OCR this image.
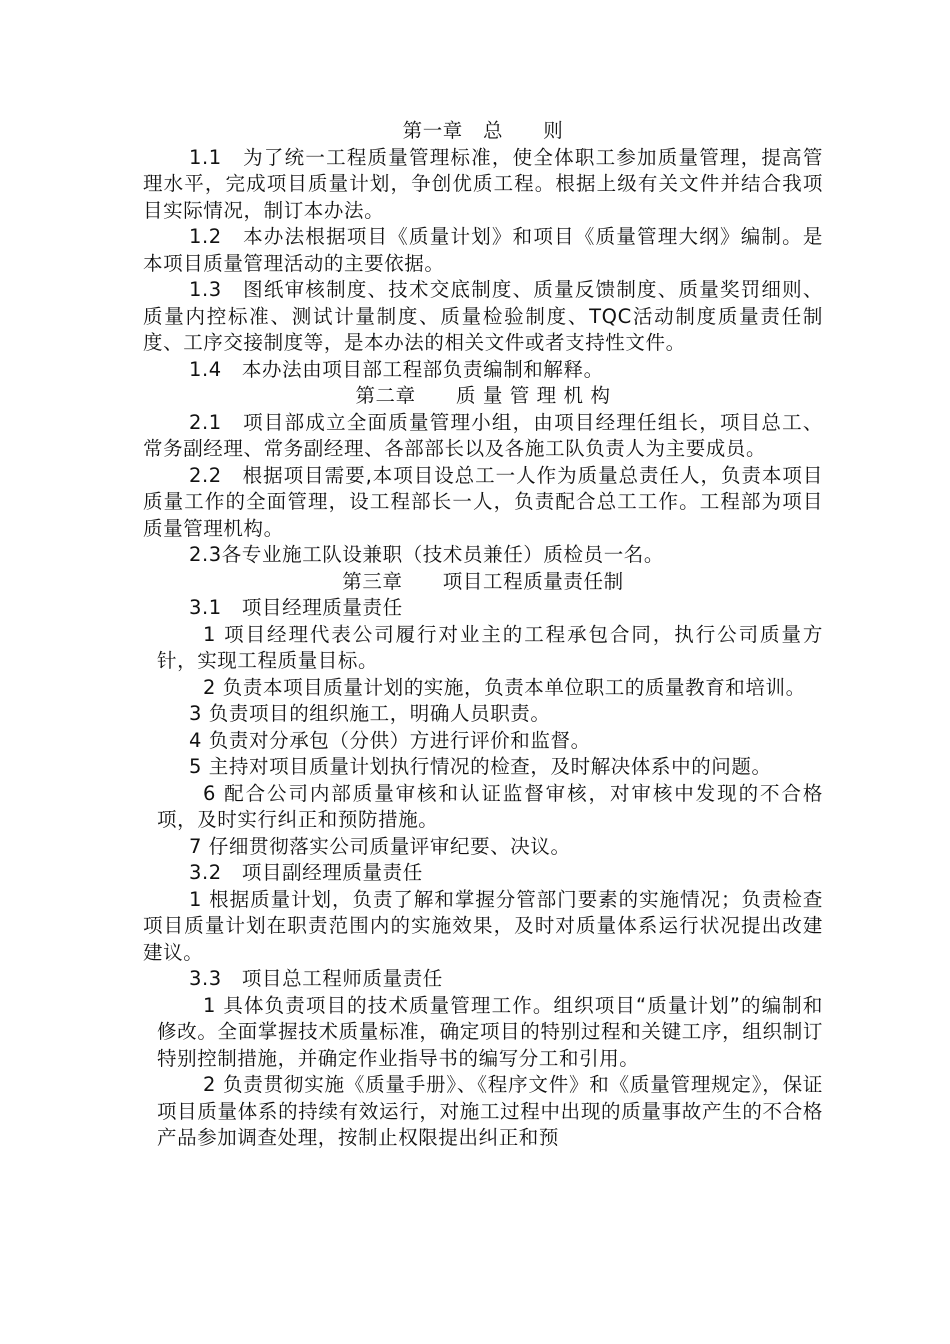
第一章　总　　则

1.1　为了统一工程质量管理标准，使全体职工参加质量管理，提高管理水平，完成项目质量计划，争创优质工程。根据上级有关文件并结合我项目实际情况，制订本办法。

1.2　本办法根据项目《质量计划》和项目《质量管理大纲》编制。是本项目质量管理活动的主要依据。

1.3　图纸审核制度、技术交底制度、质量反馈制度、质量奖罚细则、质量内控标准、测试计量制度、质量检验制度、TQC活动制度质量责任制度、工序交接制度等，是本办法的相关文件或者支持性文件。

1.4　本办法由项目部工程部负责编制和解释。

第二章　　质 量 管 理 机 构

2.1　项目部成立全面质量管理小组，由项目经理任组长，项目总工、常务副经理、常务副经理、各部部长以及各施工队负责人为主要成员。

2.2　根据项目需要,本项目设总工一人作为质量总责任人，负责本项目质量工作的全面管理，设工程部长一人，负责配合总工工作。工程部为项目质量管理机构。

2.3各专业施工队设兼职（技术员兼任）质检员一名。

第三章　　项目工程质量责任制

3.1　项目经理质量责任

1 项目经理代表公司履行对业主的工程承包合同，执行公司质量方针，实现工程质量目标。

2 负责本项目质量计划的实施，负责本单位职工的质量教育和培训。

3 负责项目的组织施工，明确人员职责。

4 负责对分承包（分供）方进行评价和监督。

5 主持对项目质量计划执行情况的检查，及时解决体系中的问题。

6 配合公司内部质量审核和认证监督审核，对审核中发现的不合格项，及时实行纠正和预防措施。

7 仔细贯彻落实公司质量评审纪要、决议。

3.2　项目副经理质量责任

1 根据质量计划，负责了解和掌握分管部门要素的实施情况；负责检查项目质量计划在职责范围内的实施效果，及时对质量体系运行状况提出改建建议。

3.3　项目总工程师质量责任

1 具体负责项目的技术质量管理工作。组织项目“质量计划”的编制和修改。全面掌握技术质量标准，确定项目的特别过程和关键工序，组织制订特别控制措施，并确定作业指导书的编写分工和引用。

2 负责贯彻实施《质量手册》、《程序文件》和《质量管理规定》，保证项目质量体系的持续有效运行，对施工过程中出现的质量事故产生的不合格产品参加调查处理，按制止权限提出纠正和预
